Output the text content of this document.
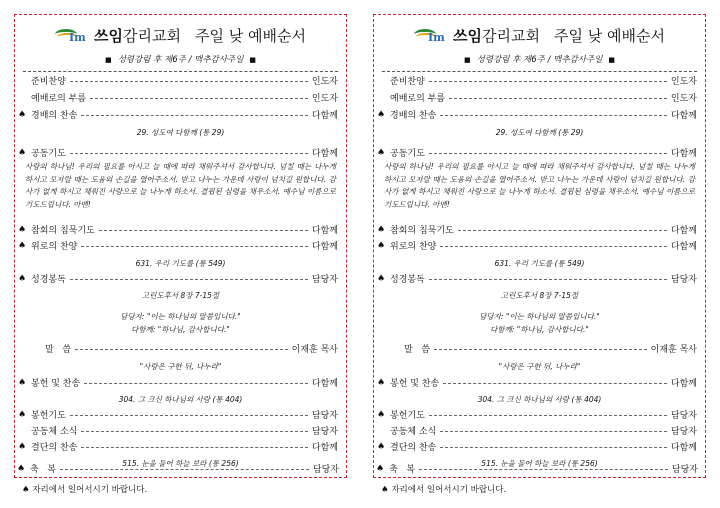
Im 쓰임감리교회 주일 낮 예배순서
■ 성령강림 후 제6주 / 맥추감사주일 ■
준비찬양	인도자
예배로의 부름	인도자
♠ 경배의 찬송	다함께
29. 성도여 다함께 (통 29)
♠ 공동기도	다함께
사랑의 하나님! 우리의 필요를 아시고 늘 때에 따라 채워주셔서 감사합니다. 넘칠 때는 나누게 하시고 모자랄 때는 도움의 손길을 열어주소서. 받고 나누는 가운데 사랑이 넘치길 원합니다. 감사가 없게 하시고 채워진 사랑으로 늘 나누게 하소서. 결핍된 심령을 채우소서. 예수님 이름으로 기도드립니다. 아멘!
♠ 참회의 침묵기도	다함께
♠ 위로의 찬양	다함께
631. 우리 기도를 (통 549)
♠ 성경봉독	담당자
고린도후서 8장 7-15절
담당자: "이는 하나님의 말씀입니다."
다함께: "하나님, 감사합니다."
말   씀	이재훈 목사
"사랑은 구한 뒤, 나누라"
♠ 봉헌 및 찬송	다함께
304. 그 크신 하나님의 사랑 (통 404)
♠ 봉헌기도	담당자
공동체 소식	담당자
♠ 결단의 찬송	다함께
515. 눈을 들어 하늘 보라 (통 256)
♠ 축   복	담당자
Im 쓰임감리교회 주일 낮 예배순서
■ 성령강림 후 제6주 / 맥추감사주일 ■
준비찬양	인도자
예배로의 부름	인도자
♠ 경배의 찬송	다함께
29. 성도여 다함께 (통 29)
♠ 공동기도	다함께
사랑의 하나님! 우리의 필요를 아시고 늘 때에 따라 채워주셔서 감사합니다. 넘칠 때는 나누게 하시고 모자랄 때는 도움의 손길을 열어주소서. 받고 나누는 가운데 사랑이 넘치길 원합니다. 감사가 없게 하시고 채워진 사랑으로 늘 나누게 하소서. 결핍된 심령을 채우소서. 예수님 이름으로 기도드립니다. 아멘!
♠ 참회의 침묵기도	다함께
♠ 위로의 찬양	다함께
631. 우리 기도를 (통 549)
♠ 성경봉독	담당자
고린도후서 8장 7-15절
담당자: "이는 하나님의 말씀입니다."
다함께: "하나님, 감사합니다."
말   씀	이재훈 목사
"사랑은 구한 뒤, 나누라"
♠ 봉헌 및 찬송	다함께
304. 그 크신 하나님의 사랑 (통 404)
♠ 봉헌기도	담당자
공동체 소식	담당자
♠ 결단의 찬송	다함께
515. 눈을 들어 하늘 보라 (통 256)
♠ 축   복	담당자
♠ 자리에서 일어서시기 바랍니다.	♠ 자리에서 일어서시기 바랍니다.
